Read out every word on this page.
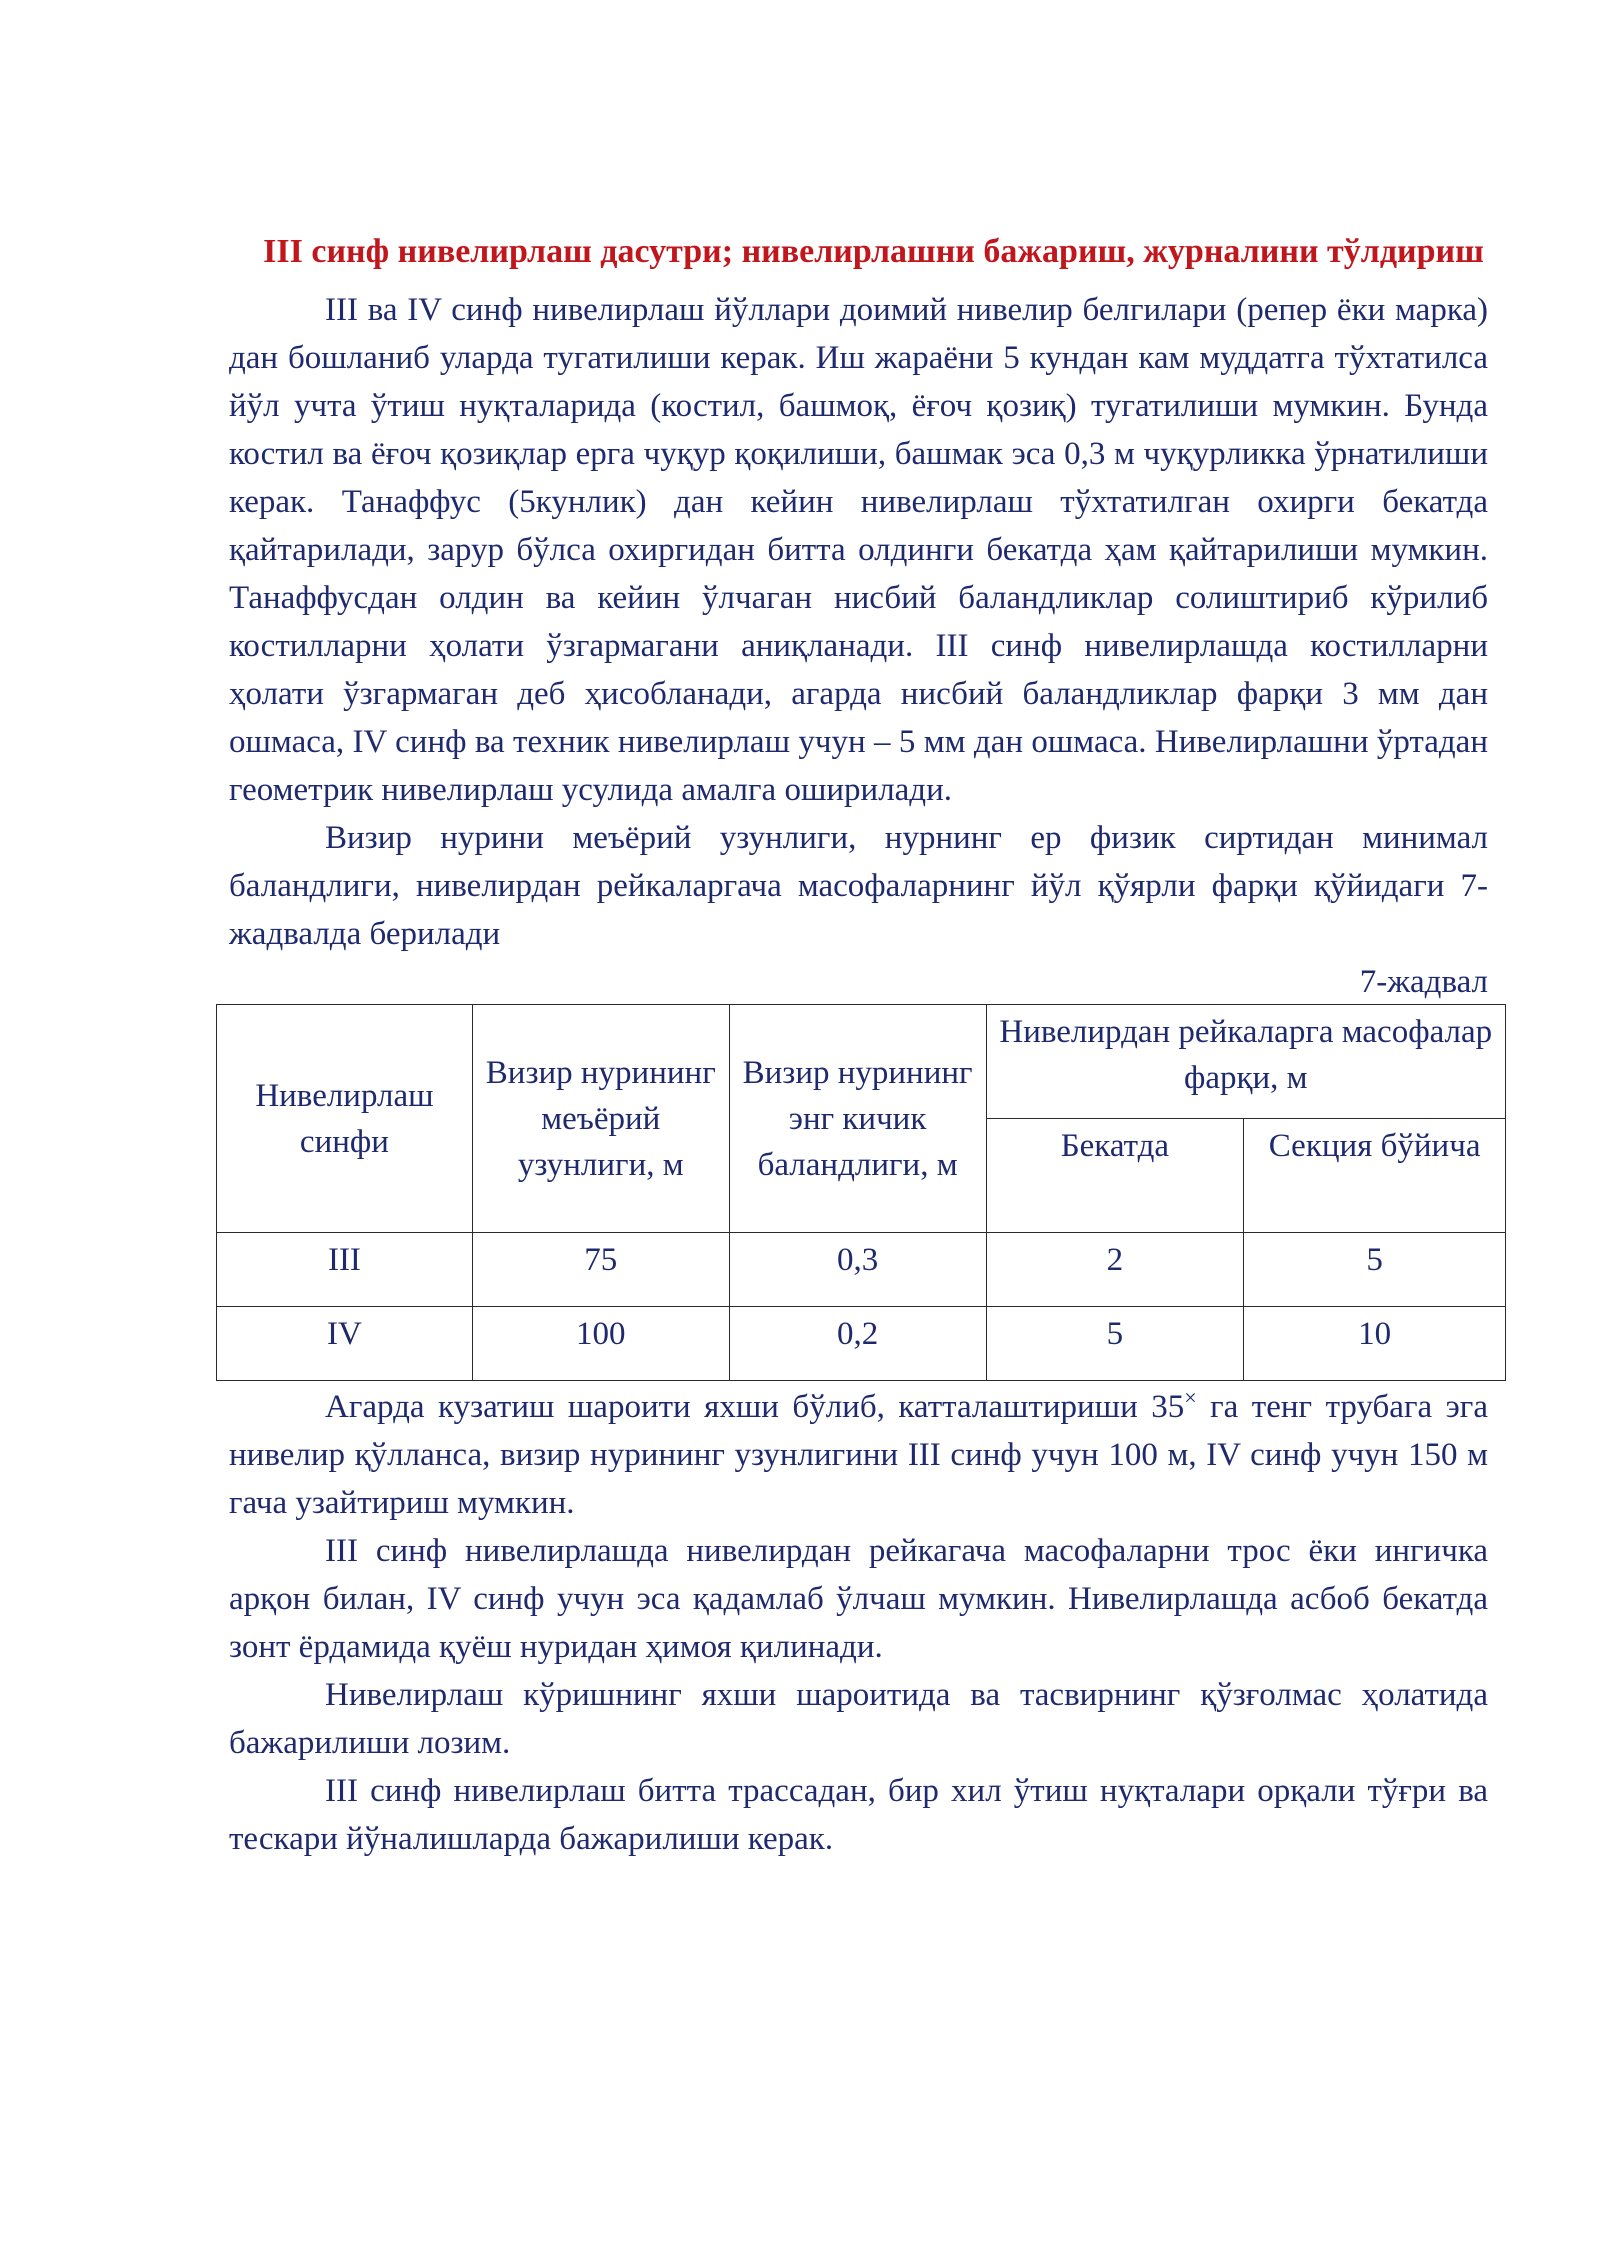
III синф нивелирлаш дасутри; нивелирлашни бажариш, журналини тўлдириш

III ва IV синф нивелирлаш йўллари доимий нивелир белгилари (репер ёки марка) дан бошланиб уларда тугатилиши керак. Иш жараёни 5 кундан кам муддатга тўхтатилса йўл учта ўтиш нуқталарида (костил, башмоқ, ёғоч қозиқ) тугатилиши мумкин. Бунда костил ва ёғоч қозиқлар ерга чуқур қоқилиши, башмак эса 0,3 м чуқурликка ўрнатилиши керак. Танаффус (5кунлик) дан кейин нивелирлаш тўхтатилган охирги бекатда қайтарилади, зарур бўлса охиргидан битта олдинги бекатда ҳам қайтарилиши мумкин. Танаффусдан олдин ва кейин ўлчаган нисбий баландликлар солиштириб кўрилиб костилларни ҳолати ўзгармагани аниқланади. III синф нивелирлашда костилларни ҳолати ўзгармаган деб ҳисобланади, агарда нисбий баландликлар фарқи 3 мм дан ошмаса, IV синф ва техник нивелирлаш учун – 5 мм дан ошмаса. Нивелирлашни ўртадан геометрик нивелирлаш усулида амалга оширилади.

Визир нурини меъёрий узунлиги, нурнинг ер физик сиртидан минимал баландлиги, нивелирдан рейкаларгача масофаларнинг йўл қўярли фарқи қўйидаги 7- жадвалда берилади

7-жадвал

Нивелирлаш синфи	Визир нурининг меъёрий узунлиги, м	Визир нурининг энг кичик баландлиги, м	Нивелирдан рейкаларга масофалар фарқи, м	
			Бекатда	Секция бўйича
III	75	0,3	2	5
IV	100	0,2	5	10

Агарда кузатиш шароити яхши бўлиб, катталаштириши 35× га тенг трубага эга нивелир қўлланса, визир нурининг узунлигини III синф учун 100 м, IV синф учун 150 м гача узайтириш мумкин.

III синф нивелирлашда нивелирдан рейкагача масофаларни трос ёки ингичка арқон билан, IV синф учун эса қадамлаб ўлчаш мумкин. Нивелирлашда асбоб бекатда зонт ёрдамида қуёш нуридан ҳимоя қилинади.

Нивелирлаш кўришнинг яхши шароитида ва тасвирнинг қўзғолмас ҳолатида бажарилиши лозим.

III синф нивелирлаш битта трассадан, бир хил ўтиш нуқталари орқали тўғри ва тескари йўналишларда бажарилиши керак.
